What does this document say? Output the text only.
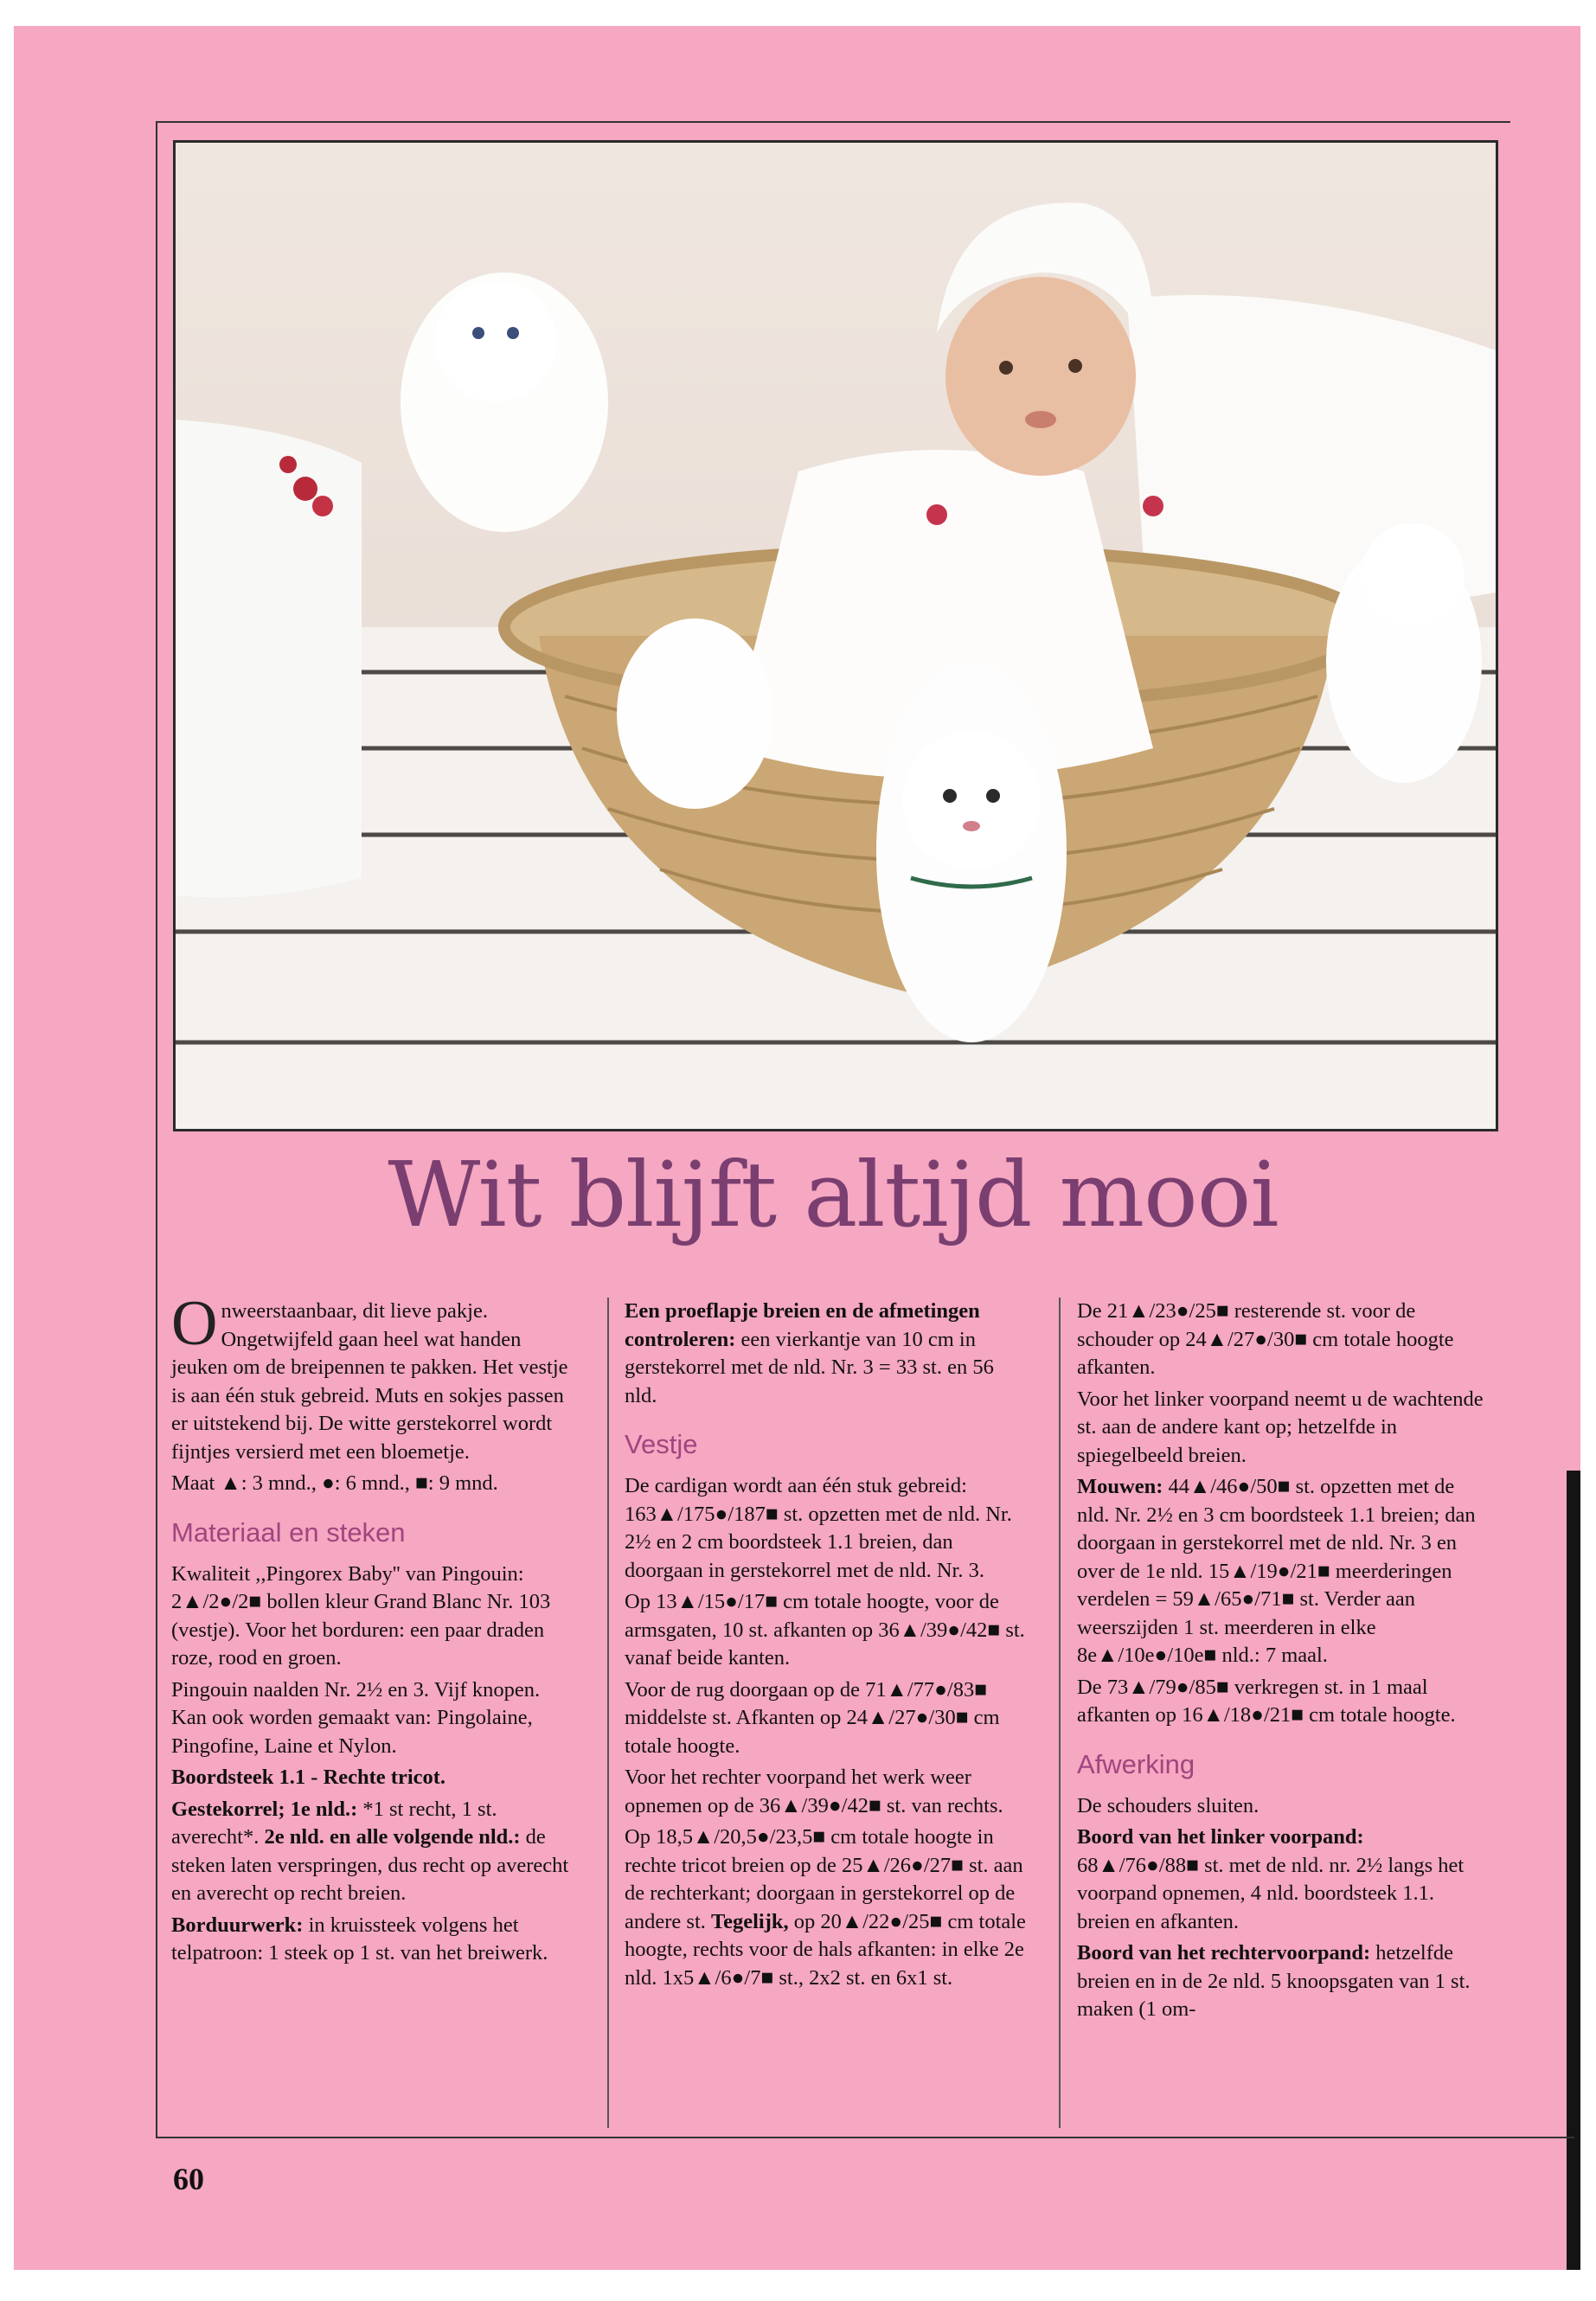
Wit blijft altijd mooi

Onweerstaanbaar, dit lieve pakje. Ongetwijfeld gaan heel wat handen jeuken om de breipennen te pakken. Het vestje is aan één stuk gebreid. Muts en sokjes passen er uitstekend bij. De witte gerstekorrel wordt fijntjes versierd met een bloemetje.

Maat ▲: 3 mnd., ●: 6 mnd., ■: 9 mnd.

Materiaal en steken

Kwaliteit ,,Pingorex Baby'' van Pingouin: 2▲/2●/2■ bollen kleur Grand Blanc Nr. 103 (vestje). Voor het borduren: een paar draden roze, rood en groen.

Pingouin naalden Nr. 2½ en 3. Vijf knopen. Kan ook worden gemaakt van: Pingolaine, Pingofine, Laine et Nylon.

Boordsteek 1.1 - Rechte tricot.

Gestekorrel; 1e nld.: *1 st recht, 1 st. averecht*. 2e nld. en alle volgende nld.: de steken laten verspringen, dus recht op averecht en averecht op recht breien.

Borduurwerk: in kruissteek volgens het telpatroon: 1 steek op 1 st. van het breiwerk.

Een proeflapje breien en de afmetingen controleren: een vierkantje van 10 cm in gerstekorrel met de nld. Nr. 3 = 33 st. en 56 nld.

Vestje

De cardigan wordt aan één stuk gebreid: 163▲/175●/187■ st. opzetten met de nld. Nr. 2½ en 2 cm boordsteek 1.1 breien, dan doorgaan in gerstekorrel met de nld. Nr. 3.

Op 13▲/15●/17■ cm totale hoogte, voor de armsgaten, 10 st. afkanten op 36▲/39●/42■ st. vanaf beide kanten.

Voor de rug doorgaan op de 71▲/77●/83■ middelste st. Afkanten op 24▲/27●/30■ cm totale hoogte.

Voor het rechter voorpand het werk weer opnemen op de 36▲/39●/42■ st. van rechts.

Op 18,5▲/20,5●/23,5■ cm totale hoogte in rechte tricot breien op de 25▲/26●/27■ st. aan de rechterkant; doorgaan in gerstekorrel op de andere st. Tegelijk, op 20▲/22●/25■ cm totale hoogte, rechts voor de hals afkanten: in elke 2e nld. 1x5▲/6●/7■ st., 2x2 st. en 6x1 st.

De 21▲/23●/25■ resterende st. voor de schouder op 24▲/27●/30■ cm totale hoogte afkanten.

Voor het linker voorpand neemt u de wachtende st. aan de andere kant op; hetzelfde in spiegelbeeld breien.

Mouwen: 44▲/46●/50■ st. opzetten met de nld. Nr. 2½ en 3 cm boordsteek 1.1 breien; dan doorgaan in gerstekorrel met de nld. Nr. 3 en over de 1e nld. 15▲/19●/21■ meerderingen verdelen = 59▲/65●/71■ st. Verder aan weerszijden 1 st. meerderen in elke 8e▲/10e●/10e■ nld.: 7 maal.

De 73▲/79●/85■ verkregen st. in 1 maal afkanten op 16▲/18●/21■ cm totale hoogte.

Afwerking

De schouders sluiten.

Boord van het linker voorpand: 68▲/76●/88■ st. met de nld. nr. 2½ langs het voorpand opnemen, 4 nld. boordsteek 1.1. breien en afkanten.

Boord van het rechtervoorpand: hetzelfde breien en in de 2e nld. 5 knoopsgaten van 1 st. maken (1 om-

60
